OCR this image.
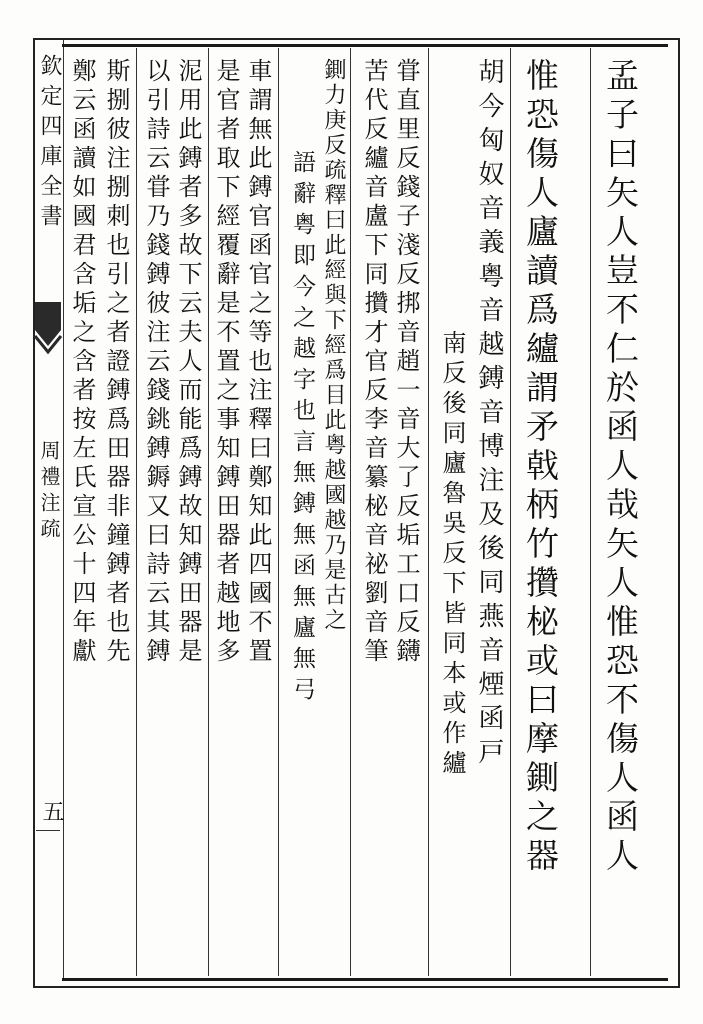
欽定四庫全書
周禮注疏
五	孟子曰矢人豈不仁於函人哉矢人惟恐不傷人函人
惟恐傷人廬讀爲纑謂矛戟柄竹攢柲或曰摩鍘之器
胡今匈奴音義粤音越鎛音博注及後同燕音煙函戸
南反後同廬魯吳反下皆同本或作纑
甞直里反錢子淺反挷音趙一音大了反垢工口反鑮
苦代反纑音盧下同攢才官反李音纂柲音祕劉音筆
鍘力庚反疏釋曰此經與下經爲目此粤越國越乃是古之
語辭粤即今之越字也言無鎛無函無廬無弓
車謂無此鎛官函官之等也注釋曰鄭知此四國不置
是官者取下經覆辭是不置之事知鎛田器者越地多
泥用此鎛者多故下云夫人而能爲鎛故知鎛田器是
以引詩云甞乃錢鎛彼注云錢銚鎛鎒又曰詩云其鎛
斯捌彼注捌刺也引之者證鎛爲田器非鐘鎛者也先
鄭云函讀如國君含垢之含者按左氏宣公十四年獻
